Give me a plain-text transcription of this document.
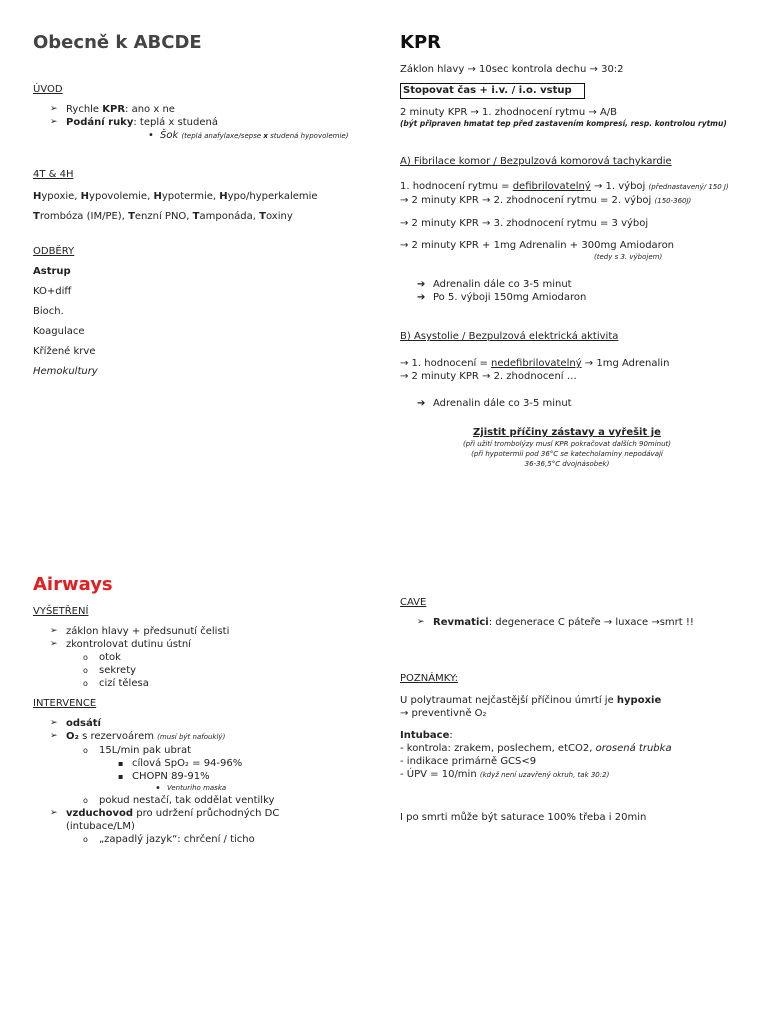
Obecně k ABCDE
ÚVOD
➢ Rychle KPR: ano x ne
➢ Podání ruky: teplá x studená
• Šok (teplá anafylaxe/sepse x studená hypovolemie)
4T & 4H
Hypoxie, Hypovolemie, Hypotermie, Hypo/hyperkalemie
Trombóza (IM/PE), Tenzní PNO, Tamponáda, Toxiny
ODBĚRY
Astrup
KO+diff
Bioch.
Koagulace
Křížené krve
Hemokultury
KPR
Záklon hlavy → 10sec kontrola dechu → 30:2
Stopovat čas + i.v. / i.o. vstup
2 minuty KPR → 1. zhodnocení rytmu → A/B
(být připraven hmatat tep před zastavením kompresí, resp. kontrolou rytmu)
A) Fibrilace komor / Bezpulzová komorová tachykardie
1. hodnocení rytmu = defibrilovatelný → 1. výboj (přednastavený/ 150 J)
→ 2 minuty KPR → 2. zhodnocení rytmu = 2. výboj (150-360J)
→ 2 minuty KPR → 3. zhodnocení rytmu = 3 výboj
→ 2 minuty KPR + 1mg Adrenalin + 300mg Amiodaron
(tedy s 3. výbojem)
➔ Adrenalin dále co 3-5 minut
➔ Po 5. výboji 150mg Amiodaron
B) Asystolie / Bezpulzová elektrická aktivita
→ 1. hodnocení = nedefibrilovatelný → 1mg Adrenalin
→ 2 minuty KPR → 2. zhodnocení …
➔ Adrenalin dále co 3-5 minut
Zjistit příčiny zástavy a vyřešit je
(při užití trombolýzy musí KPR pokračovat dalších 90minut)
(při hypotermii pod 36°C se katecholaminy nepodávají
36-36,5°C dvojnásobek)
Airways
VYŠETŘENÍ
➢ záklon hlavy + předsunutí čelisti
➢ zkontrolovat dutinu ústní
o otok
o sekrety
o cizí tělesa
INTERVENCE
➢ odsátí
➢ O₂ s rezervoárem (musí být nafouklý)
o 15L/min pak ubrat
▪ cílová SpO₂ = 94-96%
▪ CHOPN 89-91%
• Venturiho maska
o pokud nestačí, tak oddělat ventilky
➢ vzduchovod pro udržení průchodných DC
(intubace/LM)
o „zapadlý jazyk“: chrčení / ticho
CAVE
➢ Revmatici: degenerace C páteře → luxace →smrt !!
POZNÁMKY:
U polytraumat nejčastější příčinou úmrtí je hypoxie
→ preventivně O₂
Intubace:
- kontrola: zrakem, poslechem, etCO2, orosená trubka
- indikace primárně GCS<9
- ÚPV = 10/min (když není uzavřený okruh, tak 30:2)
I po smrti může být saturace 100% třeba i 20min
